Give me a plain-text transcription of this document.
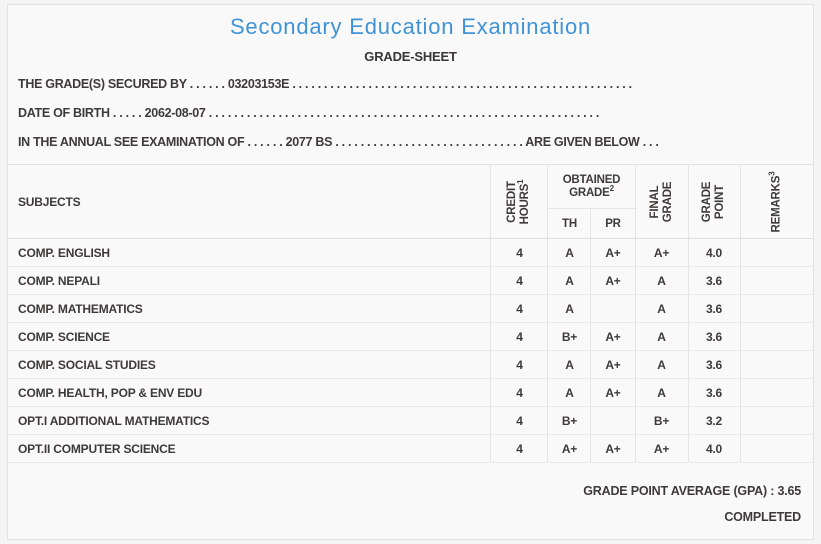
Secondary Education Examination
GRADE-SHEET

THE GRADE(S) SECURED BY . . . . . . 03203153E . . . . . . . . . . . . . . . . . . . . . . . . . . . . . . . . . . . . . . . . . . . . . . . . . . . . . .

DATE OF BIRTH . . . . . 2062-08-07 . . . . . . . . . . . . . . . . . . . . . . . . . . . . . . . . . . . . . . . . . . . . . . . . . . . . . . . . . . . . . .

IN THE ANNUAL SEE EXAMINATION OF . . . . . . 2077 BS . . . . . . . . . . . . . . . . . . . . . . . . . . . . . . ARE GIVEN BELOW . . .

SUBJECTS	CREDIT HOURS$^1$	OBTAINED GRADE$^2$		FINAL GRADE	GRADE POINT	REMARKS$^3$

		TH	PR			
COMP. ENGLISH	4	A	A+	A+	4.0	
COMP. NEPALI	4	A	A+	A	3.6	
COMP. MATHEMATICS	4	A		A	3.6	
COMP. SCIENCE	4	B+	A+	A	3.6	
COMP. SOCIAL STUDIES	4	A	A+	A	3.6	
COMP. HEALTH, POP & ENV EDU	4	A	A+	A	3.6	
OPT.I ADDITIONAL MATHEMATICS	4	B+		B+	3.2	
OPT.II COMPUTER SCIENCE	4	A+	A+	A+	4.0	

GRADE POINT AVERAGE (GPA) : 3.65

COMPLETED
